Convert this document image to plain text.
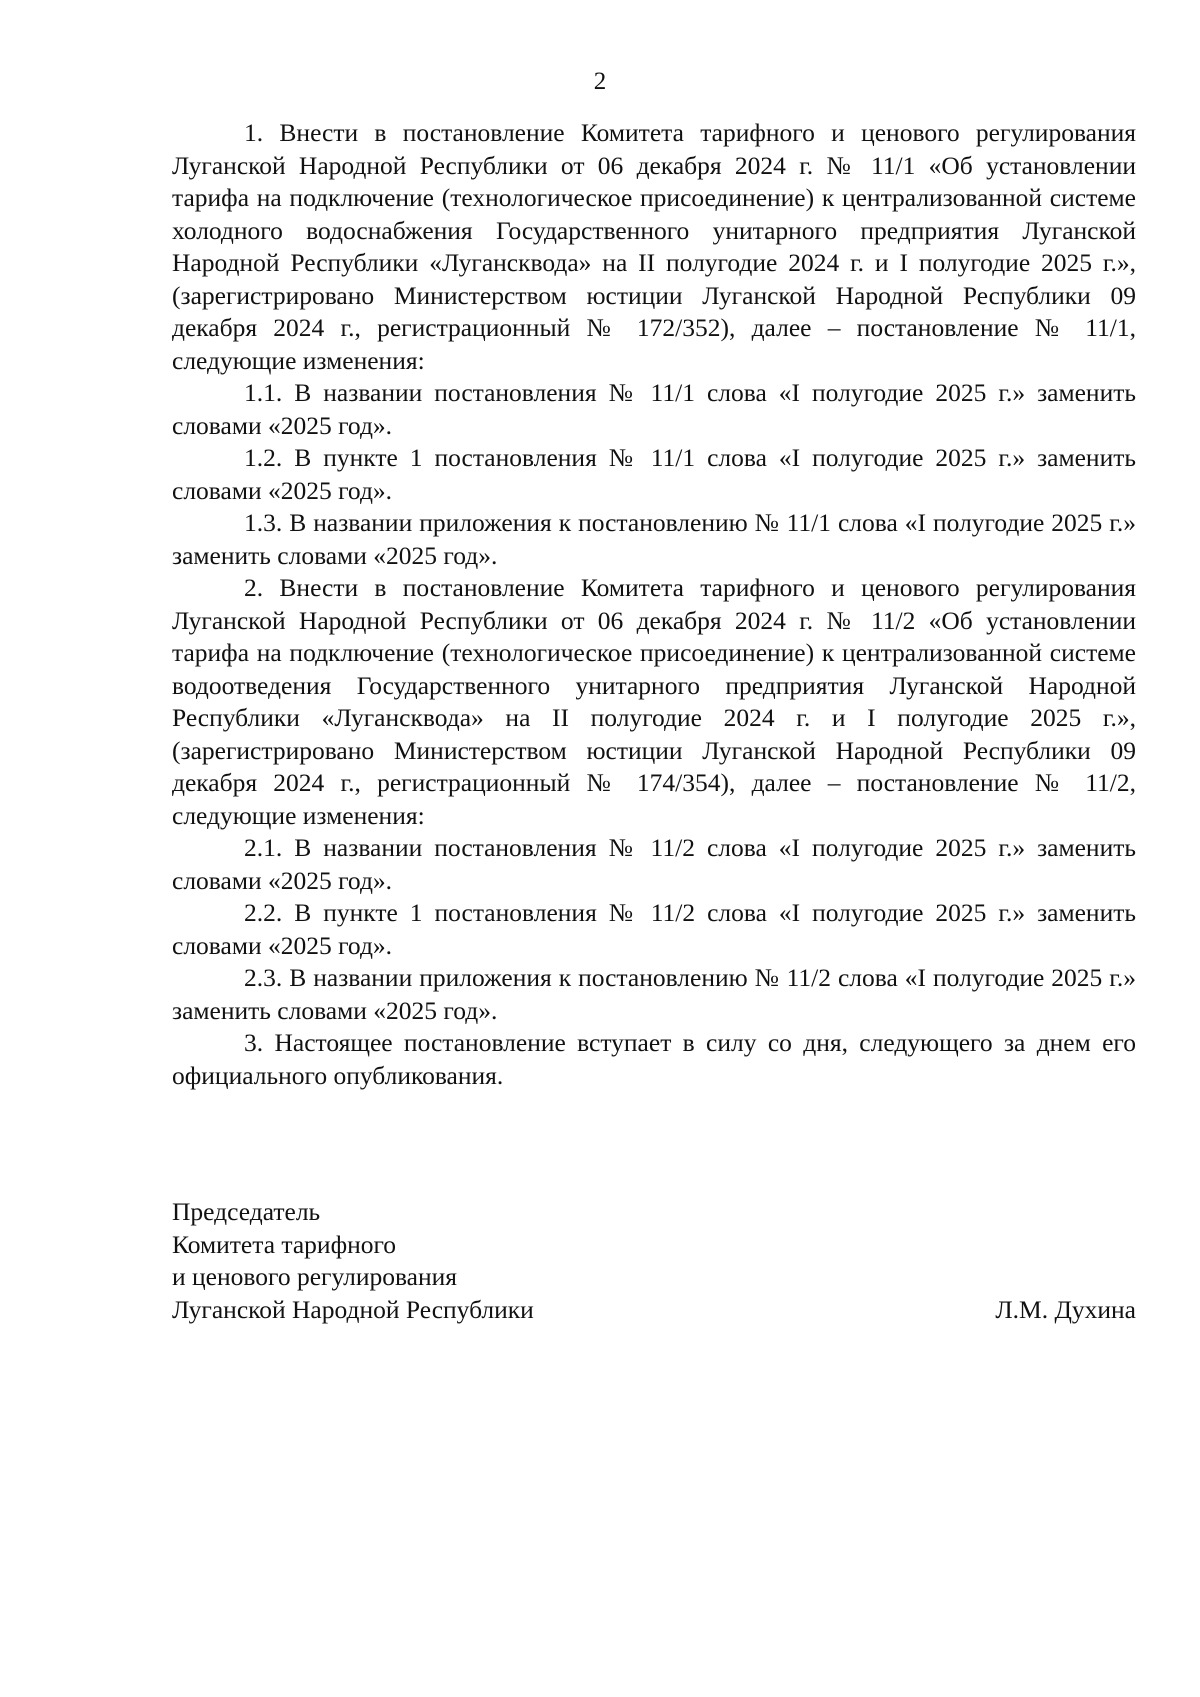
2

1. Внести в постановление Комитета тарифного и ценового регулирования Луганской Народной Республики от 06 декабря 2024 г. № 11/1 «Об установлении тарифа на подключение (технологическое присоединение) к централизованной системе холодного водоснабжения Государственного унитарного предприятия Луганской Народной Республики «Луганскводa» на II полугодие 2024 г. и I полугодие 2025 г.», (зарегистрировано Министерством юстиции Луганской Народной Республики 09 декабря 2024 г., регистрационный № 172/352), далее – постановление № 11/1, следующие изменения:

1.1. В названии постановления № 11/1 слова «I полугодие 2025 г.» заменить словами «2025 год».

1.2. В пункте 1 постановления № 11/1 слова «I полугодие 2025 г.» заменить словами «2025 год».

1.3. В названии приложения к постановлению № 11/1 слова «I полугодие 2025 г.» заменить словами «2025 год».

2. Внести в постановление Комитета тарифного и ценового регулирования Луганской Народной Республики от 06 декабря 2024 г. № 11/2 «Об установлении тарифа на подключение (технологическое присоединение) к централизованной системе водоотведения Государственного унитарного предприятия Луганской Народной Республики «Луганскводa» на II полугодие 2024 г. и I полугодие 2025 г.», (зарегистрировано Министерством юстиции Луганской Народной Республики 09 декабря 2024 г., регистрационный № 174/354), далее – постановление № 11/2, следующие изменения:

2.1. В названии постановления № 11/2 слова «I полугодие 2025 г.» заменить словами «2025 год».

2.2. В пункте 1 постановления № 11/2 слова «I полугодие 2025 г.» заменить словами «2025 год».

2.3. В названии приложения к постановлению № 11/2 слова «I полугодие 2025 г.» заменить словами «2025 год».

3. Настоящее постановление вступает в силу со дня, следующего за днем его официального опубликования.

Председатель
Комитета тарифного
и ценового регулирования
Луганской Народной Республики	Л.М. Духина
